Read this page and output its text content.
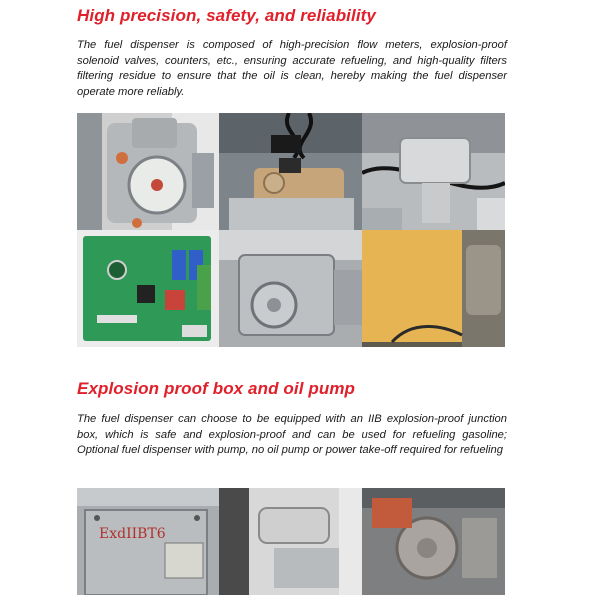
High precision, safety, and reliability
The fuel dispenser is composed of high-precision flow meters, explosion-proof solenoid valves, counters, etc., ensuring accurate refueling, and high-quality filters filtering residue to ensure that the oil is clean, hereby making the fuel dispenser operate more reliably.
Explosion proof box and oil pump
The fuel dispenser can choose to be equipped with an IIB explosion-proof junction box, which is safe and explosion-proof and can be used for refueling gasoline; Optional fuel dispenser with pump, no oil pump or power take-off required for refueling
ExdIIBT6
